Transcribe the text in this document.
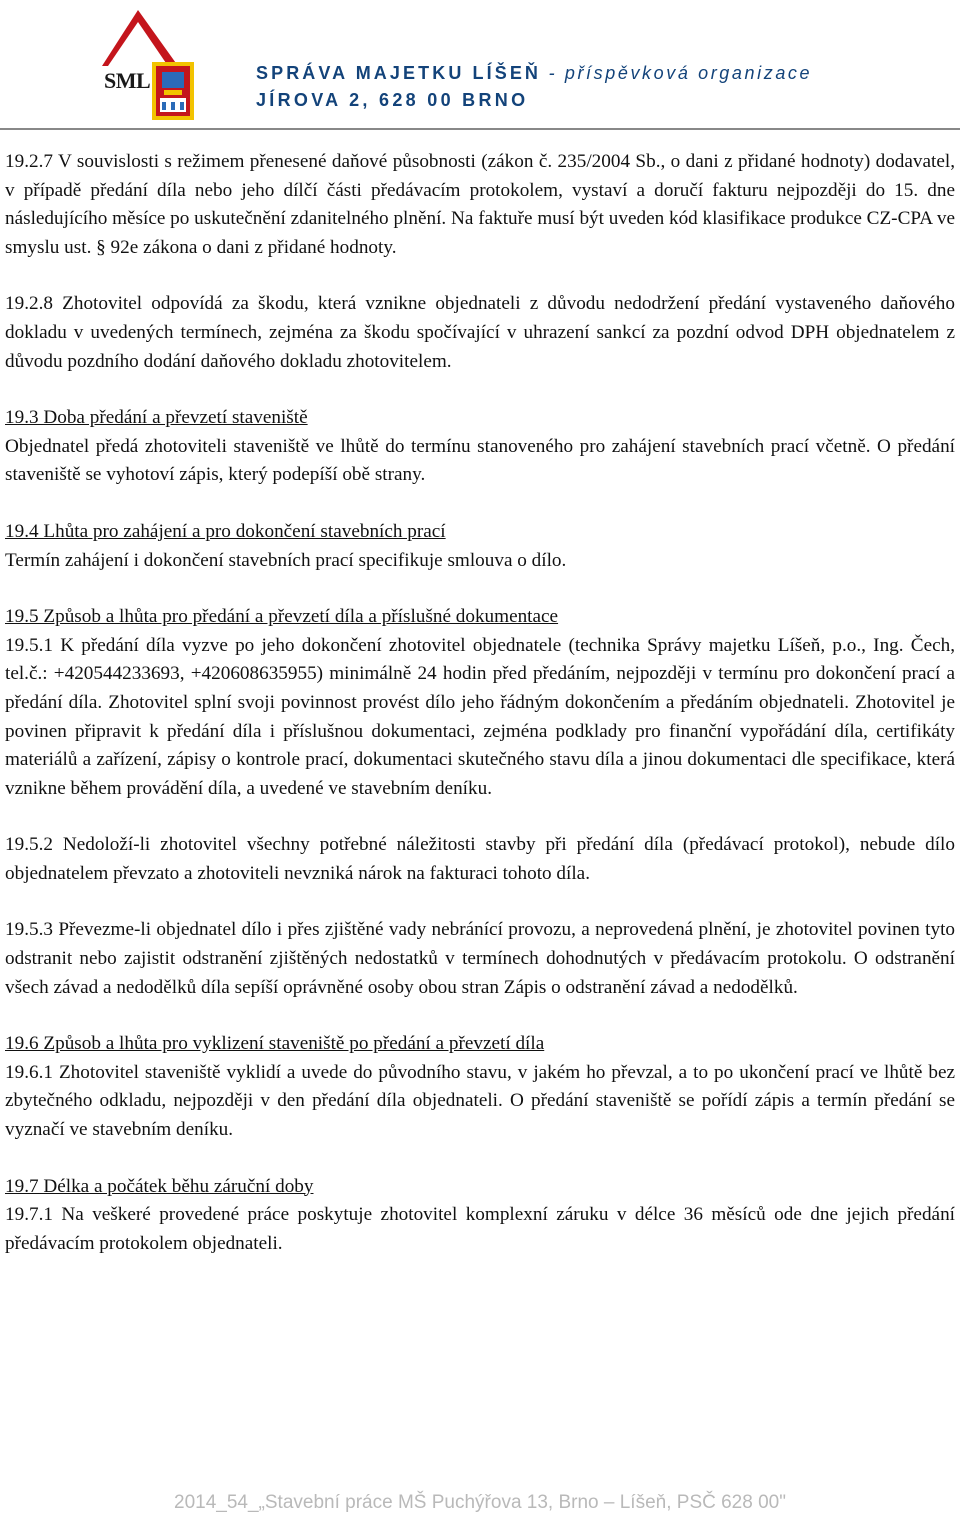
SML	SPRÁVA MAJETKU LÍŠEŇ - příspěvková organizace
JÍROVA 2, 628 00 BRNO

19.2.7 V souvislosti s režimem přenesené daňové působnosti (zákon č. 235/2004 Sb., o dani z přidané hodnoty) dodavatel, v případě předání díla nebo jeho dílčí části předávacím protokolem, vystaví a doručí fakturu nejpozději do 15. dne následujícího měsíce po uskutečnění zdanitelného plnění. Na faktuře musí být uveden kód klasifikace produkce CZ-CPA ve smyslu ust. § 92e zákona o dani z přidané hodnoty.

19.2.8 Zhotovitel odpovídá za škodu, která vznikne objednateli z důvodu nedodržení předání vystaveného daňového dokladu v uvedených termínech, zejména za škodu spočívající v uhrazení sankcí za pozdní odvod DPH objednatelem z důvodu pozdního dodání daňového dokladu zhotovitelem.

19.3 Doba předání a převzetí staveniště

Objednatel předá zhotoviteli staveniště ve lhůtě do termínu stanoveného pro zahájení stavebních prací včetně. O předání staveniště se vyhotoví zápis, který podepíší obě strany.

19.4 Lhůta pro zahájení a pro dokončení stavebních prací

Termín zahájení i dokončení stavebních prací specifikuje smlouva o dílo.

19.5 Způsob a lhůta pro předání a převzetí díla a příslušné dokumentace

19.5.1 K předání díla vyzve po jeho dokončení zhotovitel objednatele (technika Správy majetku Líšeň, p.o., Ing. Čech, tel.č.: +420544233693, +420608635955) minimálně 24 hodin před předáním, nejpozději v termínu pro dokončení prací a předání díla. Zhotovitel splní svoji povinnost provést dílo jeho řádným dokončením a předáním objednateli. Zhotovitel je povinen připravit k předání díla i příslušnou dokumentaci, zejména podklady pro finanční vypořádání díla, certifikáty materiálů a zařízení, zápisy o kontrole prací, dokumentaci skutečného stavu díla a jinou dokumentaci dle specifikace, která vznikne během provádění díla, a uvedené ve stavebním deníku.

19.5.2 Nedoloží-li zhotovitel všechny potřebné náležitosti stavby při předání díla (předávací protokol), nebude dílo objednatelem převzato a zhotoviteli nevzniká nárok na fakturaci tohoto díla.

19.5.3 Převezme-li objednatel dílo i přes zjištěné vady nebránící provozu, a neprovedená plnění, je zhotovitel povinen tyto odstranit nebo zajistit odstranění zjištěných nedostatků v termínech dohodnutých v předávacím protokolu. O odstranění všech závad a nedodělků díla sepíší oprávněné osoby obou stran Zápis o odstranění závad a nedodělků.

19.6 Způsob a lhůta pro vyklizení staveniště po předání a převzetí díla

19.6.1 Zhotovitel staveniště vyklidí a uvede do původního stavu, v jakém ho převzal, a to po ukončení prací ve lhůtě bez zbytečného odkladu, nejpozději v den předání díla objednateli. O předání staveniště se pořídí zápis a termín předání se vyznačí ve stavebním deníku.

19.7 Délka a počátek běhu záruční doby

19.7.1 Na veškeré provedené práce poskytuje zhotovitel komplexní záruku v délce 36 měsíců ode dne jejich předání předávacím protokolem objednateli.

2014_54_„Stavební práce MŠ Puchýřova 13, Brno – Líšeň, PSČ 628 00"
